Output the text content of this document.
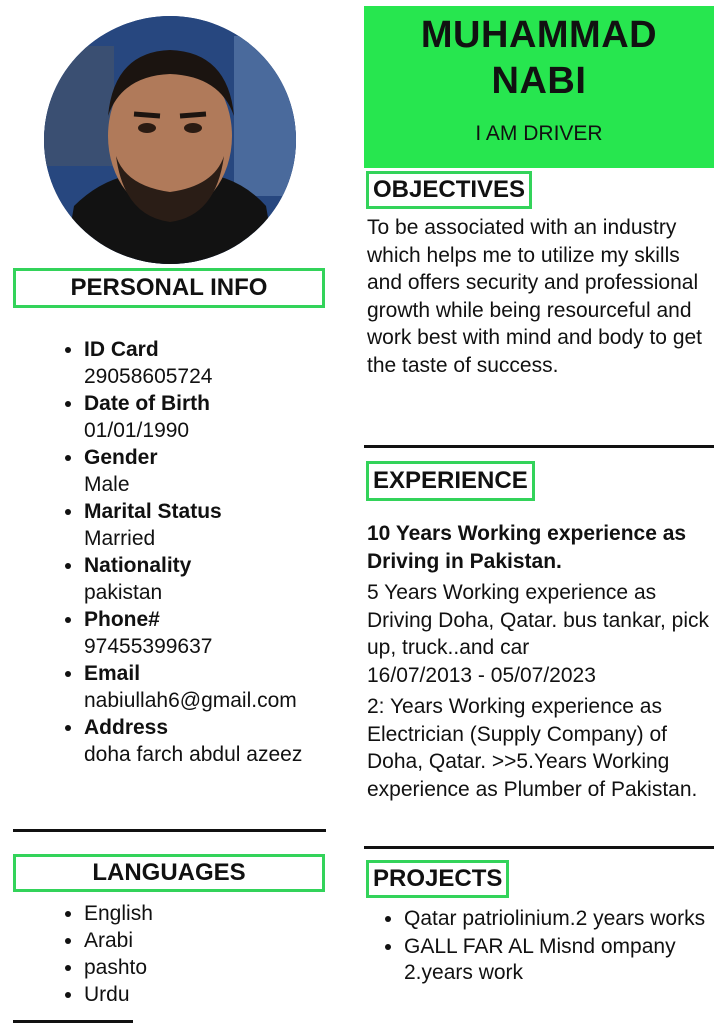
PERSONAL INFO
• ID Card
29058605724
• Date of Birth
01/01/1990
• Gender
Male
• Marital Status
Married
• Nationality
pakistan
• Phone#
97455399637
• Email
nabiullah6@gmail.com
• Address
doha farch abdul azeez
LANGUAGES
• English
• Arabi
• pashto
• Urdu
MUHAMMAD
NABI
I AM DRIVER
OBJECTIVES

To be associated with an industry which helps me to utilize my skills and offers security and professional growth while being resourceful and work best with mind and body to get the taste of success.

EXPERIENCE

10 Years Working experience as Driving in Pakistan.

5 Years Working experience as Driving Doha, Qatar. bus tankar, pick up, truck..and car

16/07/2013 - 05/07/2023

2: Years Working experience as Electrician (Supply Company) of Doha, Qatar. >>5.Years Working experience as Plumber of Pakistan.

PROJECTS
• Qatar patriolinium.2 years works
• GALL FAR AL Misnd ompany 2.years work
